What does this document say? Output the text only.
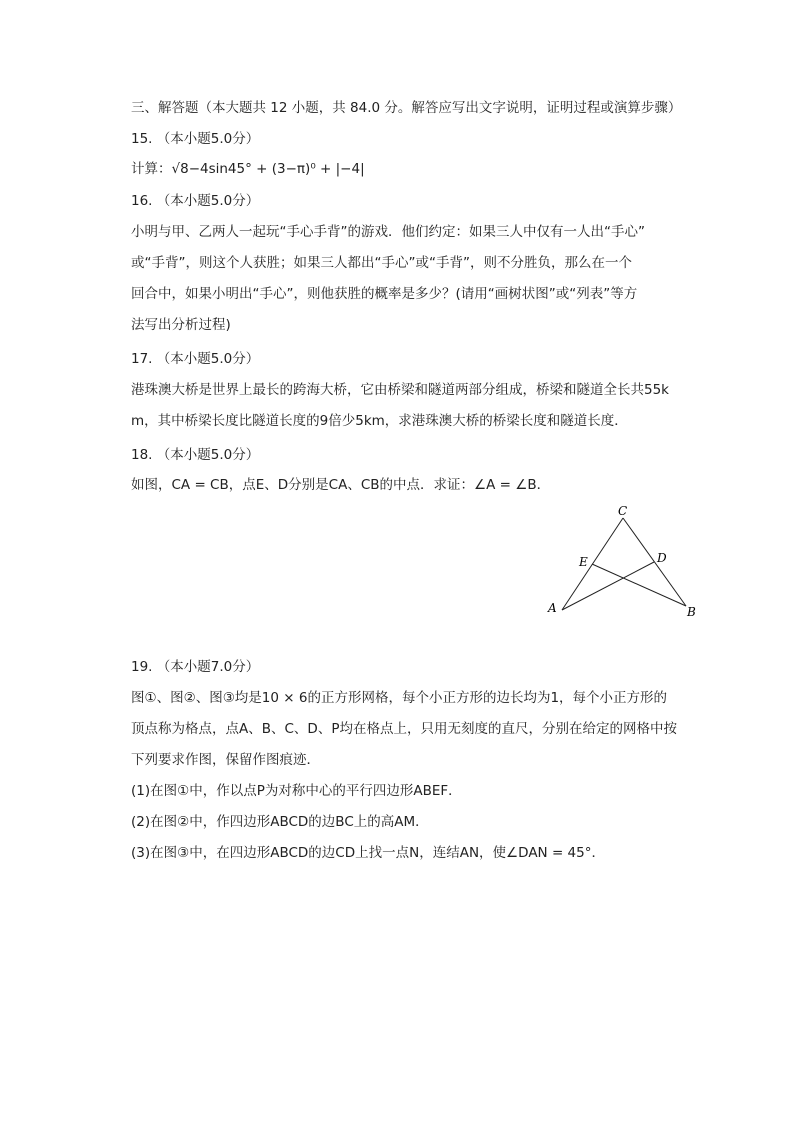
三、解答题（本大题共 12 小题，共 84.0 分。解答应写出文字说明，证明过程或演算步骤）

15. （本小题5.0分）

计算：√8−4sin45° + (3−π)⁰ + |−4|

16. （本小题5.0分）

小明与甲、乙两人一起玩“手心手背”的游戏．他们约定：如果三人中仅有一人出“手心”

或“手背”，则这个人获胜；如果三人都出“手心”或“手背”，则不分胜负，那么在一个

回合中，如果小明出“手心”，则他获胜的概率是多少？(请用“画树状图”或“列表”等方

法写出分析过程)

17. （本小题5.0分）

港珠澳大桥是世界上最长的跨海大桥，它由桥梁和隧道两部分组成，桥梁和隧道全长共55k

m，其中桥梁长度比隧道长度的9倍少5km，求港珠澳大桥的桥梁长度和隧道长度．

18. （本小题5.0分）

如图，CA = CB，点E、D分别是CA、CB的中点．求证：∠A = ∠B．

C
E	D
A	B

19. （本小题7.0分）

图①、图②、图③均是10 × 6的正方形网格，每个小正方形的边长均为1，每个小正方形的

顶点称为格点，点A、B、C、D、P均在格点上，只用无刻度的直尺，分别在给定的网格中按

下列要求作图，保留作图痕迹．

(1)在图①中，作以点P为对称中心的平行四边形ABEF．

(2)在图②中，作四边形ABCD的边BC上的高AM．

(3)在图③中，在四边形ABCD的边CD上找一点N，连结AN，使∠DAN = 45°．
